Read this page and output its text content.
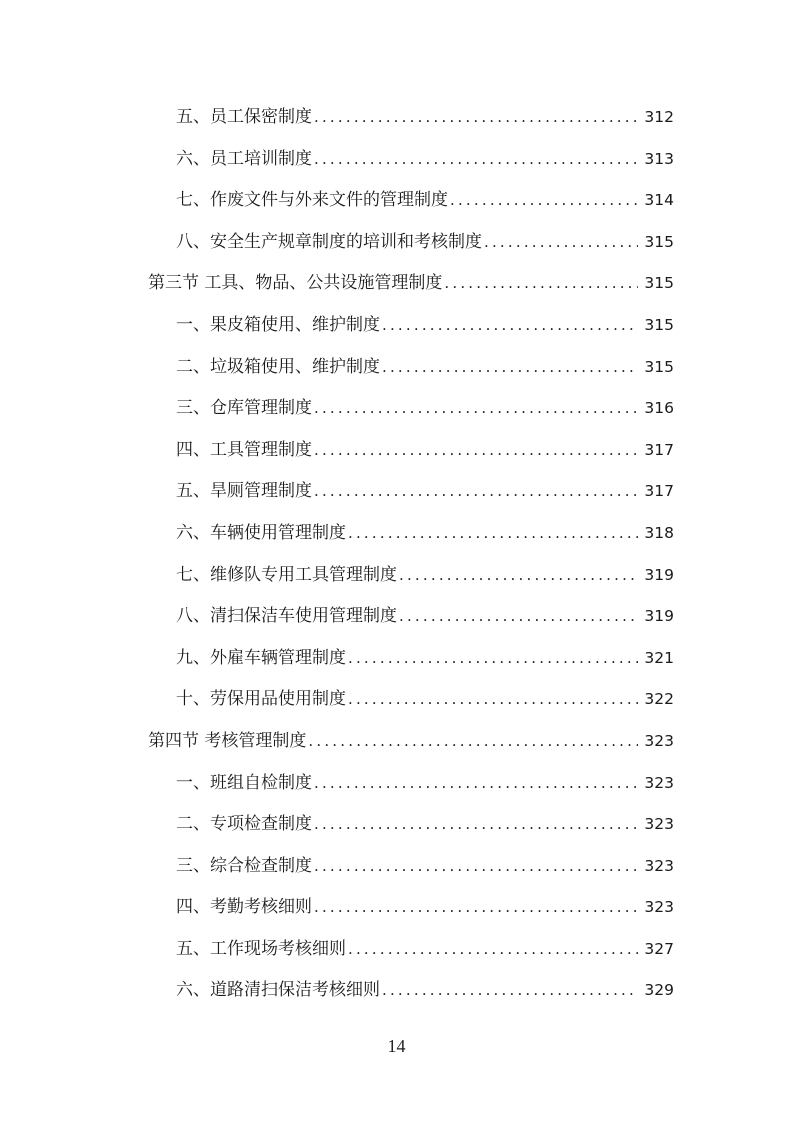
五、员工保密制度 .....	312
六、员工培训制度 .....	313
七、作废文件与外来文件的管理制度 .....	314
八、安全生产规章制度的培训和考核制度 .....	315
第三节 工具、物品、公共设施管理制度 .....	315
一、果皮箱使用、维护制度 .....	315
二、垃圾箱使用、维护制度 .....	315
三、仓库管理制度 .....	316
四、工具管理制度 .....	317
五、旱厕管理制度 .....	317
六、车辆使用管理制度 .....	318
七、维修队专用工具管理制度 .....	319
八、清扫保洁车使用管理制度 .....	319
九、外雇车辆管理制度 .....	321
十、劳保用品使用制度 .....	322
第四节 考核管理制度 .....	323
一、班组自检制度 .....	323
二、专项检查制度 .....	323
三、综合检查制度 .....	323
四、考勤考核细则 .....	323
五、工作现场考核细则 .....	327
六、道路清扫保洁考核细则 .....	329
14
